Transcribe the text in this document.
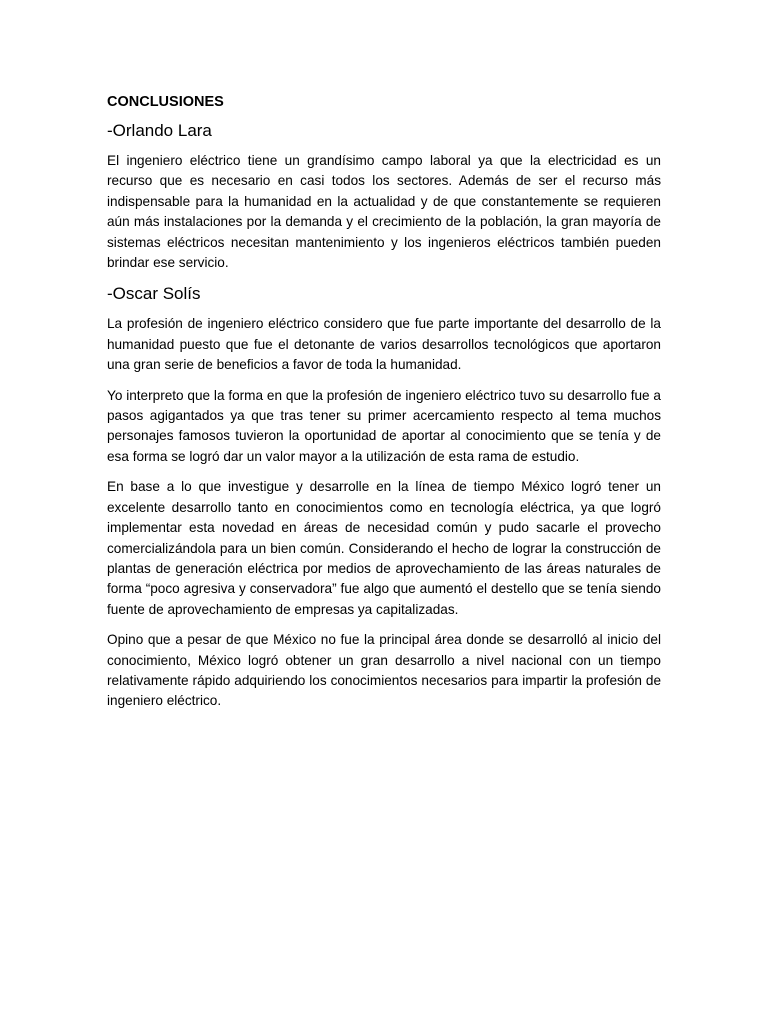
CONCLUSIONES
-Orlando Lara

El ingeniero eléctrico tiene un grandísimo campo laboral ya que la electricidad es un recurso que es necesario en casi todos los sectores. Además de ser el recurso más indispensable para la humanidad en la actualidad y de que constantemente se requieren aún más instalaciones por la demanda y el crecimiento de la población, la gran mayoría de sistemas eléctricos necesitan mantenimiento y los ingenieros eléctricos también pueden brindar ese servicio.

-Oscar Solís

La profesión de ingeniero eléctrico considero que fue parte importante del desarrollo de la humanidad puesto que fue el detonante de varios desarrollos tecnológicos que aportaron una gran serie de beneficios a favor de toda la humanidad.

Yo interpreto que la forma en que la profesión de ingeniero eléctrico tuvo su desarrollo fue a pasos agigantados ya que tras tener su primer acercamiento respecto al tema muchos personajes famosos tuvieron la oportunidad de aportar al conocimiento que se tenía y de esa forma se logró dar un valor mayor a la utilización de esta rama de estudio.

En base a lo que investigue y desarrolle en la línea de tiempo México logró tener un excelente desarrollo tanto en conocimientos como en tecnología eléctrica, ya que logró implementar esta novedad en áreas de necesidad común y pudo sacarle el provecho comercializándola para un bien común. Considerando el hecho de lograr la construcción de plantas de generación eléctrica por medios de aprovechamiento de las áreas naturales de forma “poco agresiva y conservadora” fue algo que aumentó el destello que se tenía siendo fuente de aprovechamiento de empresas ya capitalizadas.

Opino que a pesar de que México no fue la principal área donde se desarrolló al inicio del conocimiento, México logró obtener un gran desarrollo a nivel nacional con un tiempo relativamente rápido adquiriendo los conocimientos necesarios para impartir la profesión de ingeniero eléctrico.
